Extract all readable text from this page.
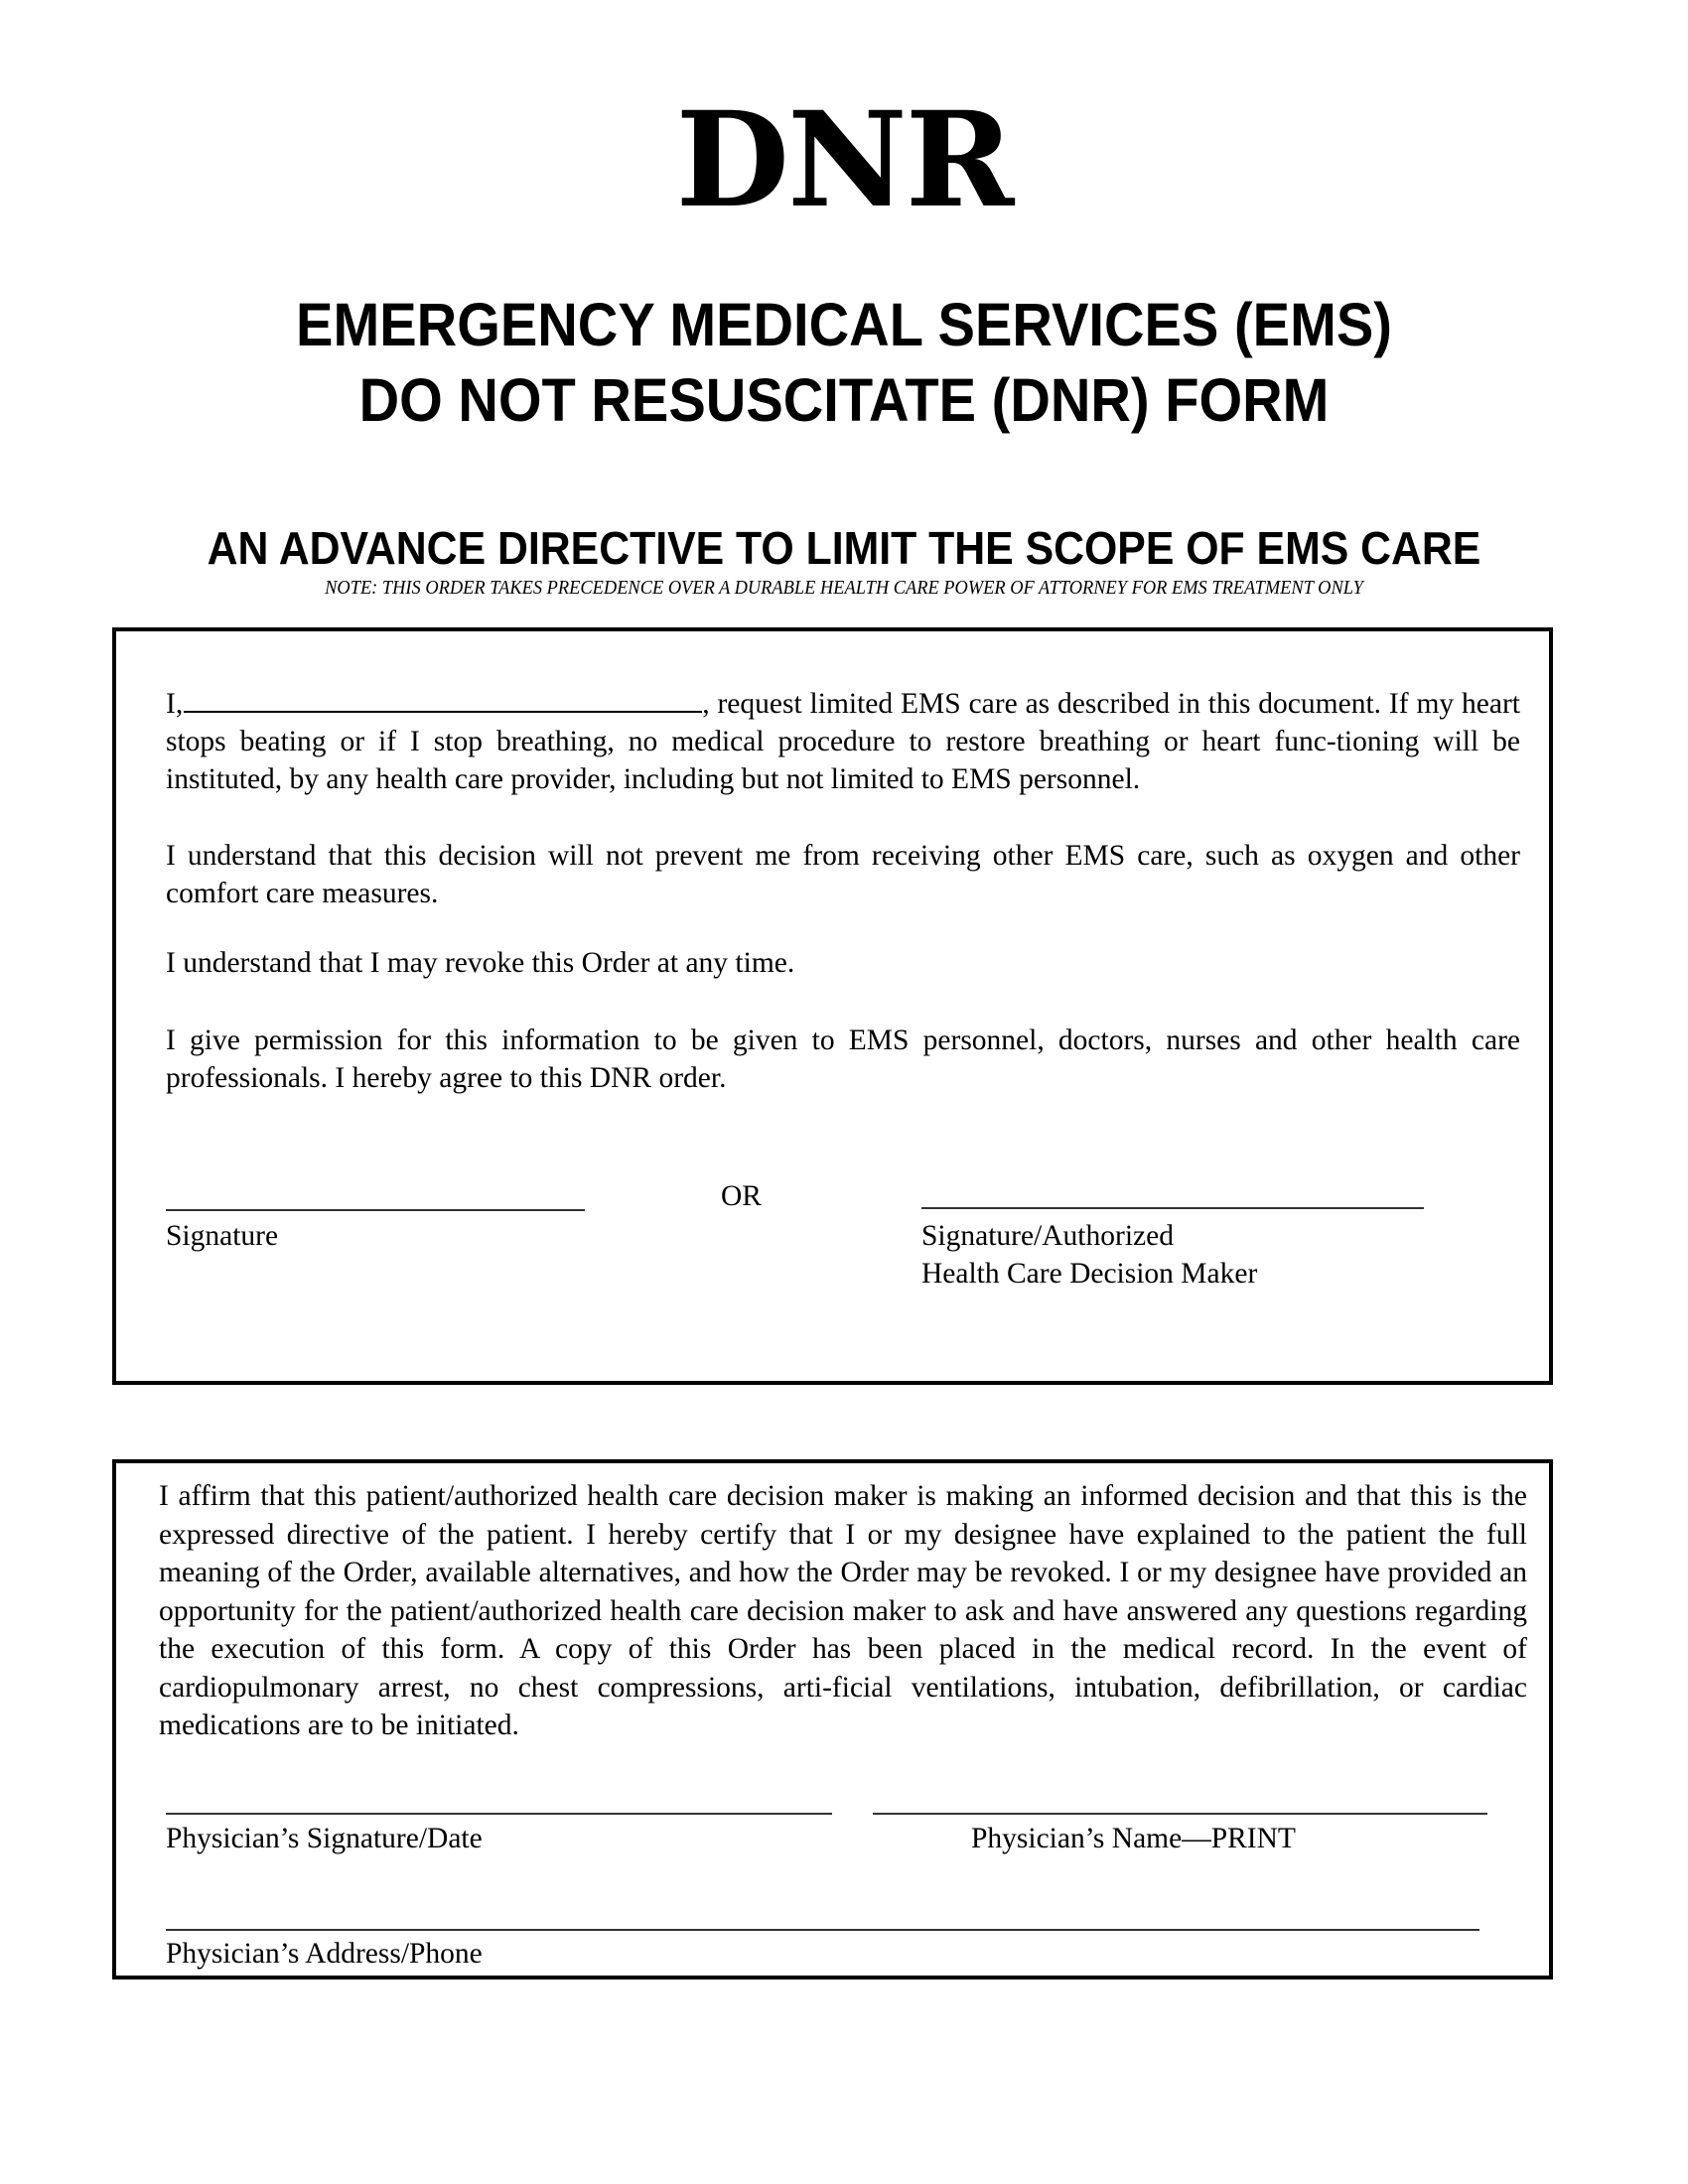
DNR
EMERGENCY MEDICAL SERVICES (EMS)
DO NOT RESUSCITATE (DNR) FORM
AN ADVANCE DIRECTIVE TO LIMIT THE SCOPE OF EMS CARE
NOTE: THIS ORDER TAKES PRECEDENCE OVER A DURABLE HEALTH CARE POWER OF ATTORNEY FOR EMS TREATMENT ONLY
I,	, request limited EMS care as described in this document. If my heart stops beating or if I stop breathing, no medical procedure to restore breathing or heart func-tioning will be instituted, by any health care provider, including but not limited to EMS personnel.
I understand that this decision will not prevent me from receiving other EMS care, such as oxygen and other comfort care measures.
I understand that I may revoke this Order at any time.
I give permission for this information to be given to EMS personnel, doctors, nurses and other health care professionals. I hereby agree to this DNR order.
OR
Signature	Signature/Authorized
Health Care Decision Maker
I affirm that this patient/authorized health care decision maker is making an informed decision and that this is the expressed directive of the patient. I hereby certify that I or my designee have explained to the patient the full meaning of the Order, available alternatives, and how the Order may be revoked. I or my designee have provided an opportunity for the patient/authorized health care decision maker to ask and have answered any questions regarding the execution of this form. A copy of this Order has been placed in the medical record. In the event of cardiopulmonary arrest, no chest compressions, arti-ficial ventilations, intubation, defibrillation, or cardiac medications are to be initiated.
Physician’s Signature/Date	Physician’s Name—PRINT
Physician’s Address/Phone
